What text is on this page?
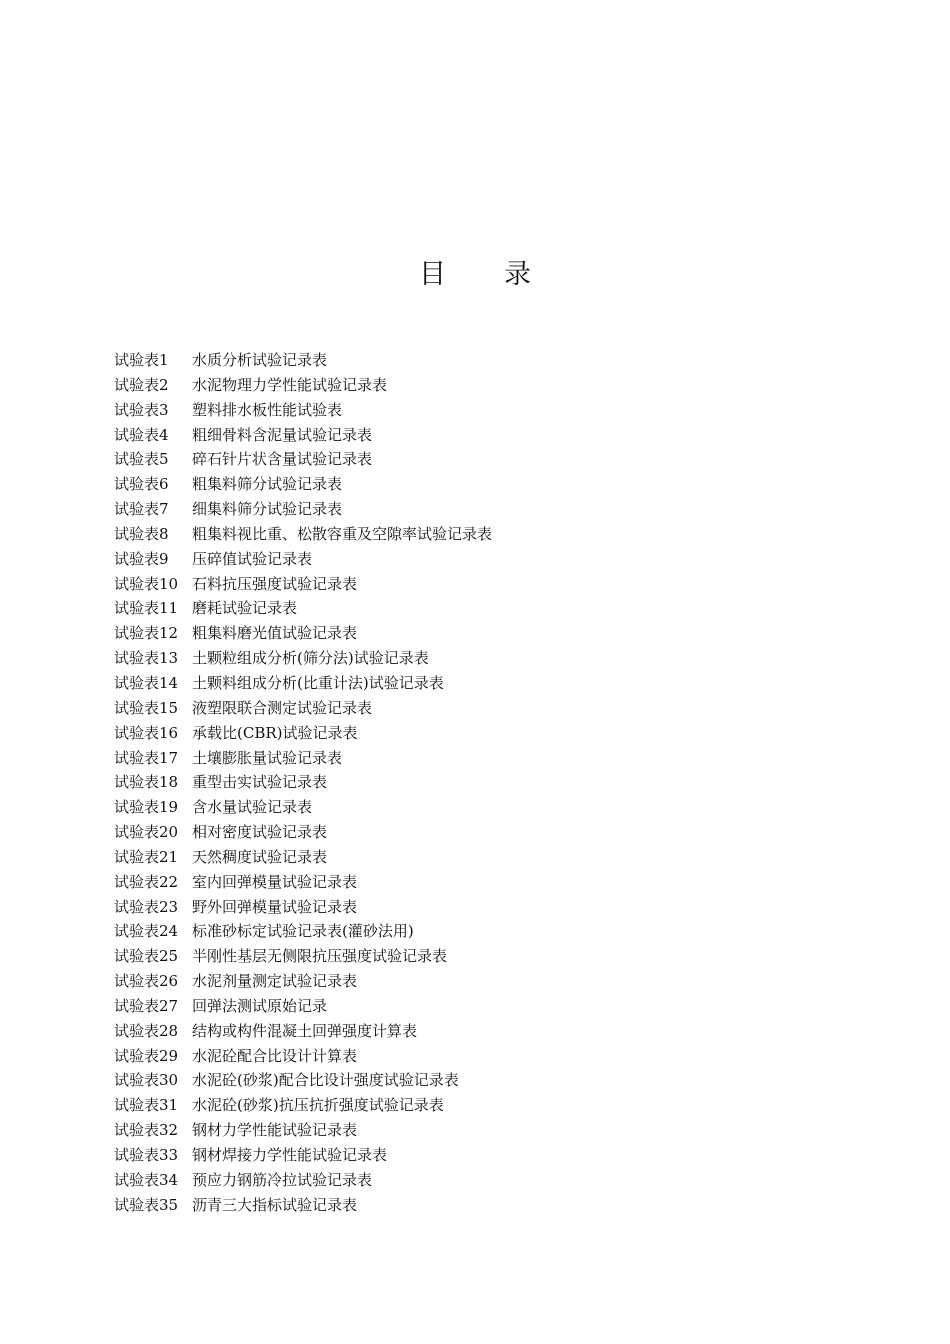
目 录
试验表1 水质分析试验记录表
试验表2 水泥物理力学性能试验记录表
试验表3 塑料排水板性能试验表
试验表4 粗细骨料含泥量试验记录表
试验表5 碎石针片状含量试验记录表
试验表6 粗集料筛分试验记录表
试验表7 细集料筛分试验记录表
试验表8 粗集料视比重、松散容重及空隙率试验记录表
试验表9 压碎值试验记录表
试验表10 石料抗压强度试验记录表
试验表11 磨耗试验记录表
试验表12 粗集料磨光值试验记录表
试验表13 土颗粒组成分析(筛分法)试验记录表
试验表14 土颗料组成分析(比重计法)试验记录表
试验表15 液塑限联合测定试验记录表
试验表16 承载比(CBR)试验记录表
试验表17 土壤膨胀量试验记录表
试验表18 重型击实试验记录表
试验表19 含水量试验记录表
试验表20 相对密度试验记录表
试验表21 天然稠度试验记录表
试验表22 室内回弹模量试验记录表
试验表23 野外回弹模量试验记录表
试验表24 标准砂标定试验记录表(灌砂法用)
试验表25 半刚性基层无侧限抗压强度试验记录表
试验表26 水泥剂量测定试验记录表
试验表27 回弹法测试原始记录
试验表28 结构或构件混凝土回弹强度计算表
试验表29 水泥砼配合比设计计算表
试验表30 水泥砼(砂浆)配合比设计强度试验记录表
试验表31 水泥砼(砂浆)抗压抗折强度试验记录表
试验表32 钢材力学性能试验记录表
试验表33 钢材焊接力学性能试验记录表
试验表34 预应力钢筋冷拉试验记录表
试验表35 沥青三大指标试验记录表
